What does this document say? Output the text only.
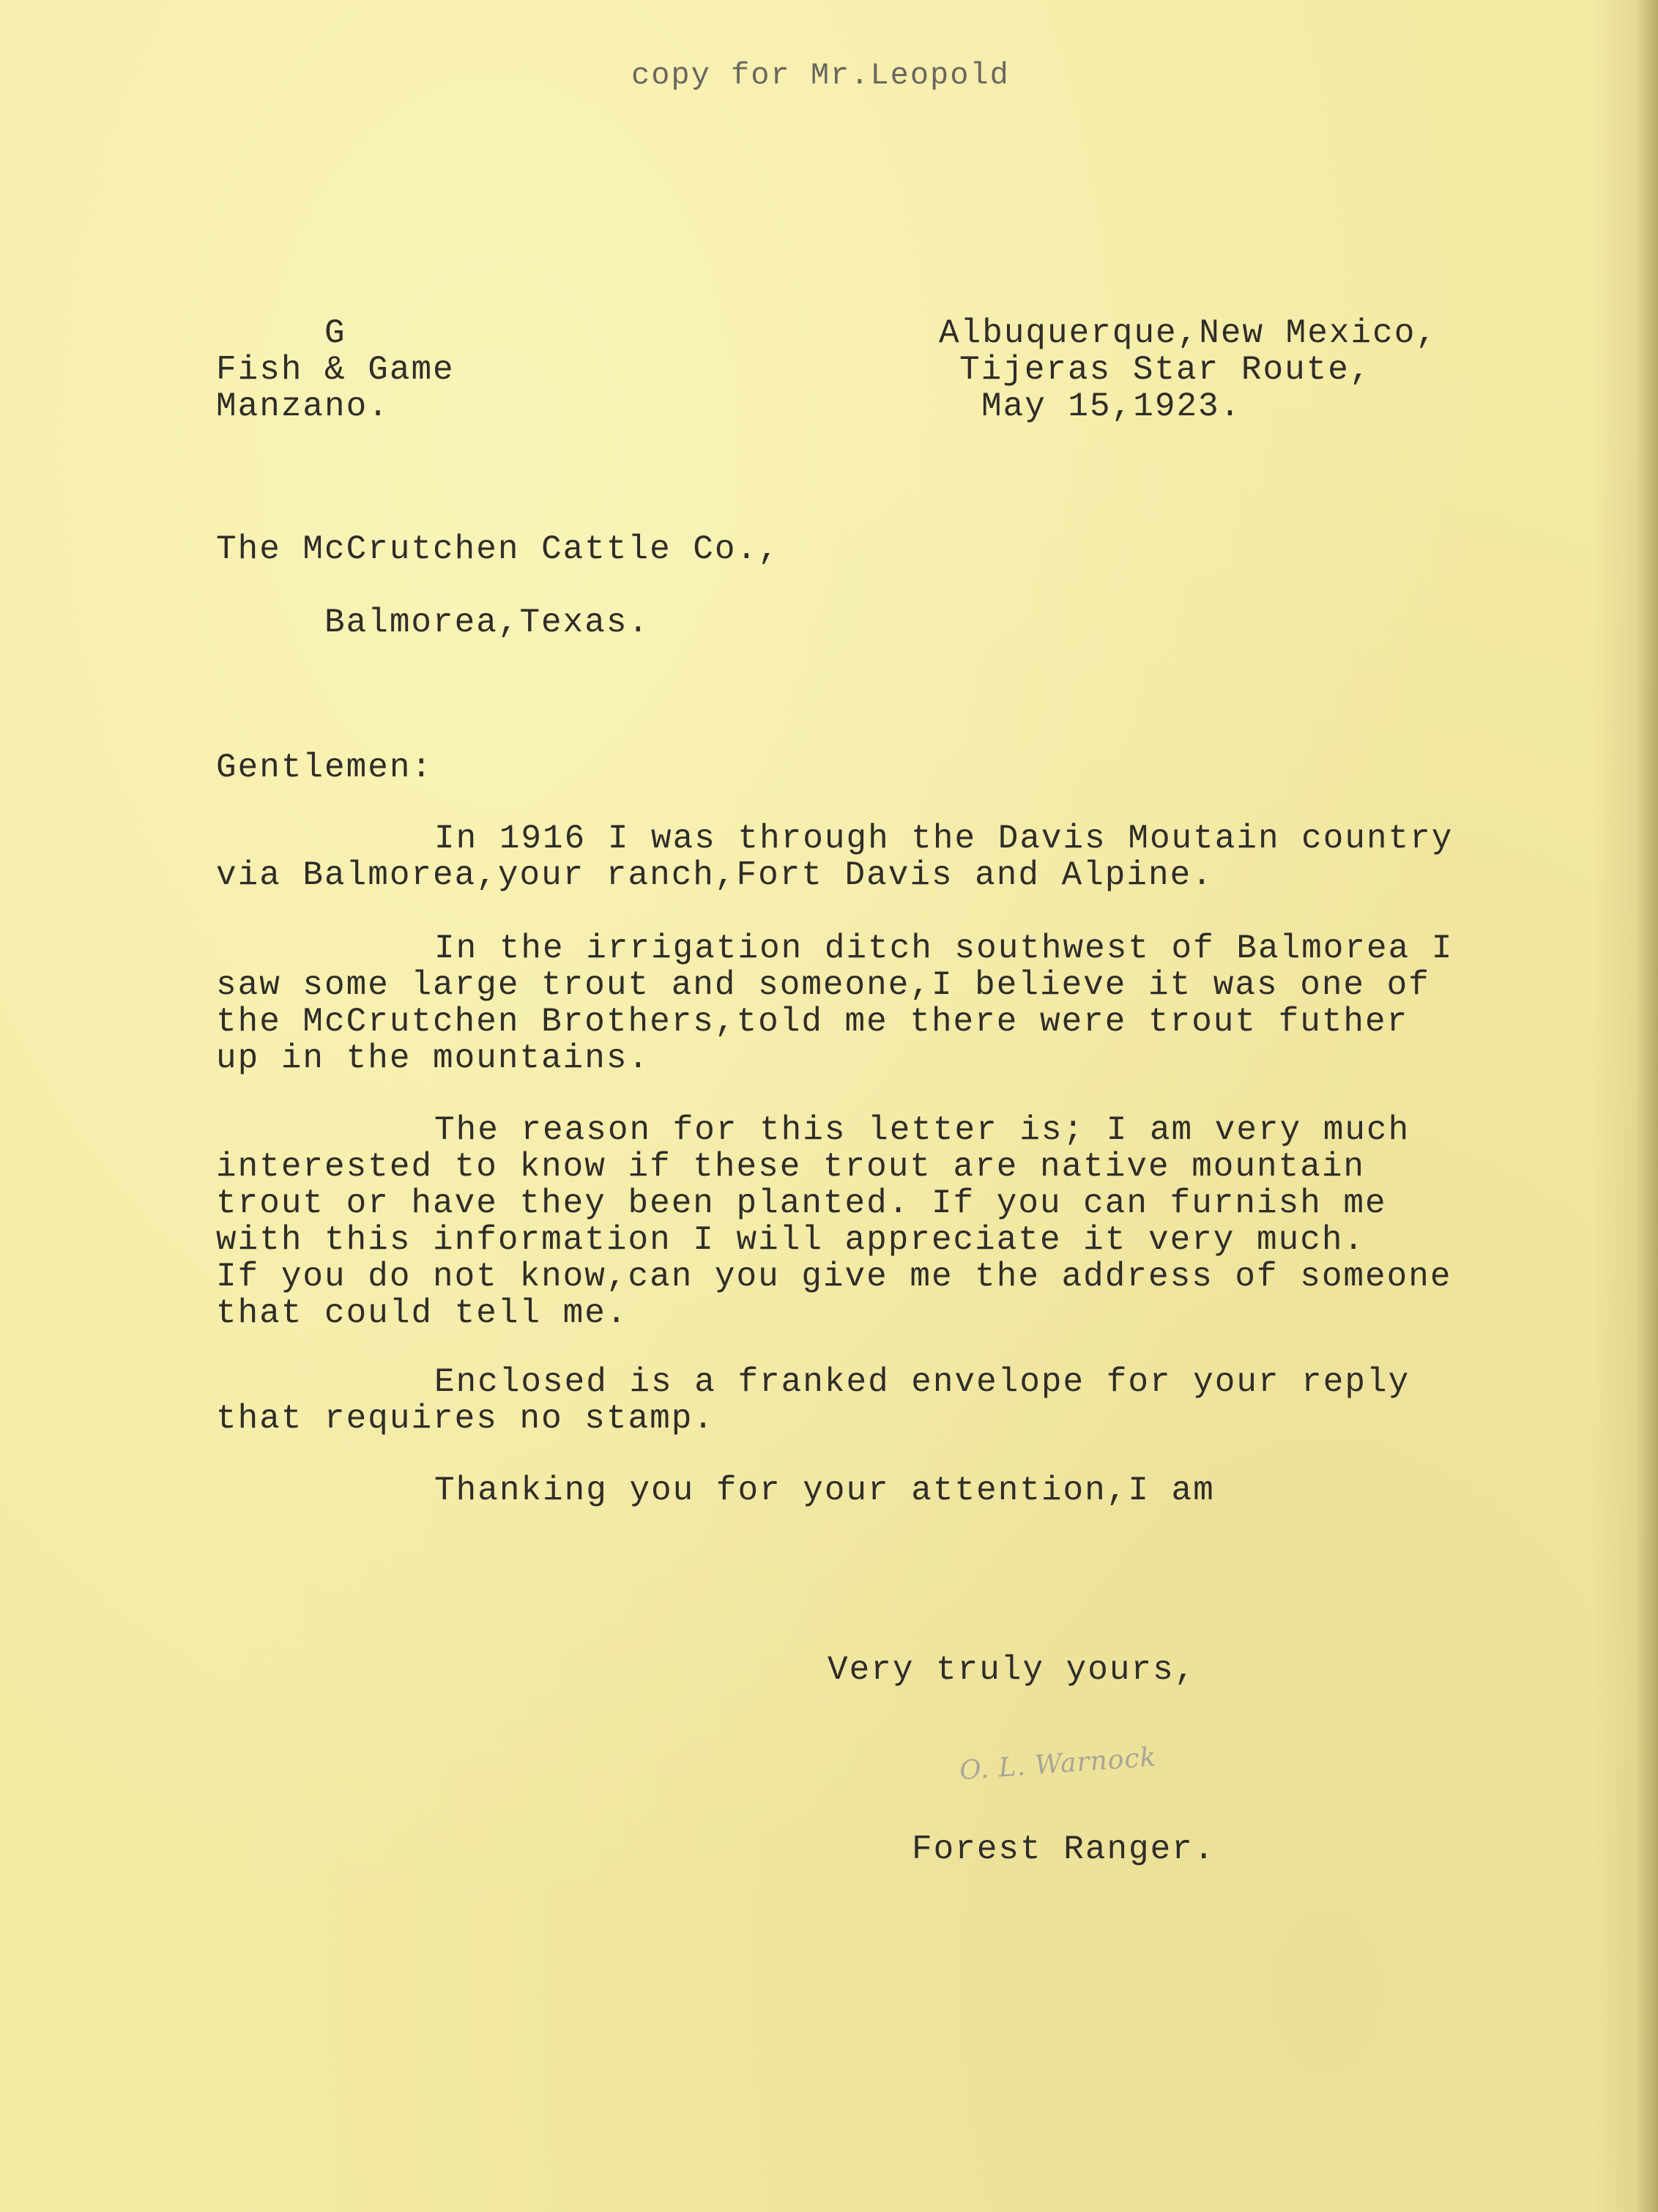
copy for Mr.Leopold
G
Fish & Game
Manzano.
Albuquerque,New Mexico,
Tijeras Star Route,
May 15,1923.
The McCrutchen Cattle Co.,
Balmorea,Texas.
Gentlemen:
In 1916 I was through the Davis Moutain country
via Balmorea,your ranch,Fort Davis and Alpine.
In the irrigation ditch southwest of Balmorea I
saw some large trout and someone,I believe it was one of
the McCrutchen Brothers,told me there were trout futher
up in the mountains.
The reason for this letter is; I am very much
interested to know if these trout are native mountain
trout or have they been planted. If you can furnish me
with this information I will appreciate it very much.
If you do not know,can you give me the address of someone
that could tell me.
Enclosed is a franked envelope for your reply
that requires no stamp.
Thanking you for your attention,I am
Very truly yours,
O. L. Warnock
Forest Ranger.
